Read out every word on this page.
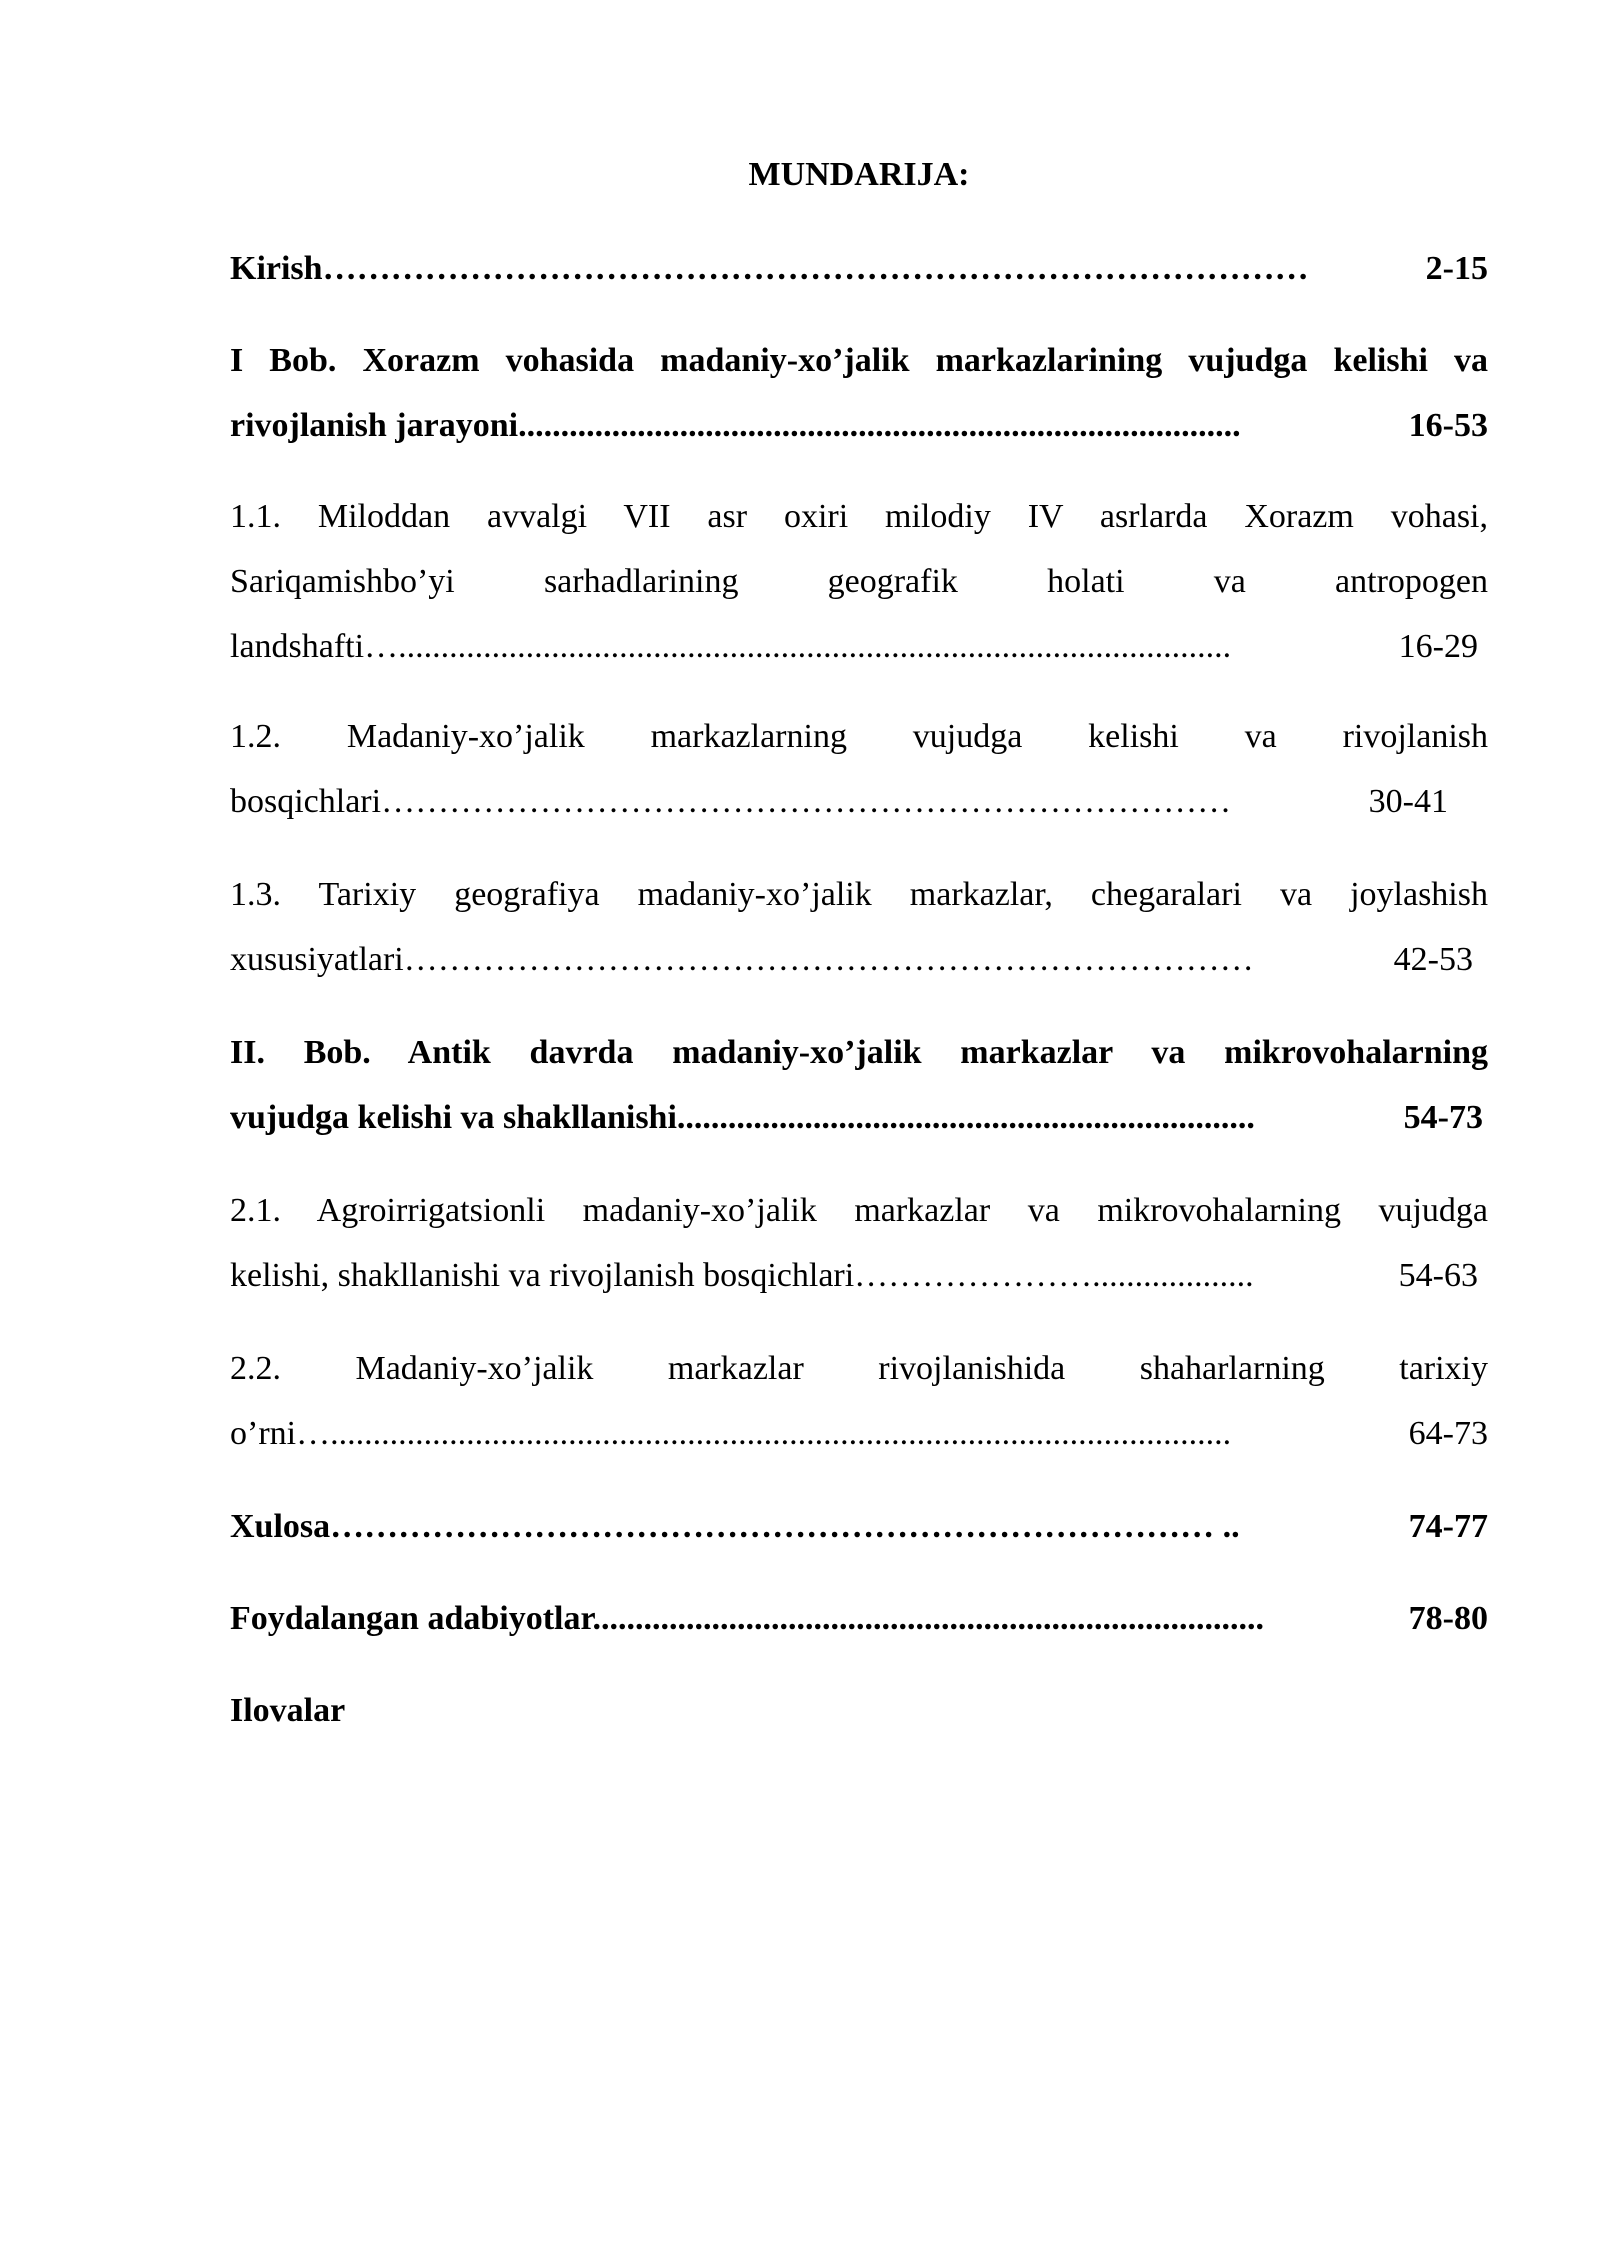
MUNDARIJA:
2-15
Kirish……………………………………………………………………………
I Bob. Xorazm vohasida madaniy-xo’jalik markazlarining vujudga kelishi va
16-53
rivojlanish jarayoni.....................................................................................
1.1. Miloddan avvalgi VII asr oxiri milodiy IV asrlarda Xorazm vohasi,
Sariqamishbo’yi sarhadlarining geografik holati va antropogen
16-29
landshafti…..................................................................................................
1.2. Madaniy-xo’jalik markazlarning vujudga kelishi va rivojlanish
30-41
bosqichlari…………………………………………………………………
1.3. Tarixiy geografiya madaniy-xo’jalik markazlar, chegaralari va joylashish
42-53
xususiyatlari…………………………………………………………………
II. Bob. Antik davrda madaniy-xo’jalik markazlar va mikrovohalarning
54-73
vujudga kelishi va shakllanishi....................................................................
2.1. Agroirrigatsionli madaniy-xo’jalik markazlar va mikrovohalarning vujudga
54-63
kelishi, shakllanishi va rivojlanish bosqichlari…………………...................
2.2. Madaniy-xo’jalik markazlar rivojlanishida shaharlarning tarixiy
64-73
o’rni…..........................................................................................................
74-77
Xulosa…………………………………………………………………… ..
78-80
Foydalangan adabiyotlar...............................................................................
Ilovalar
